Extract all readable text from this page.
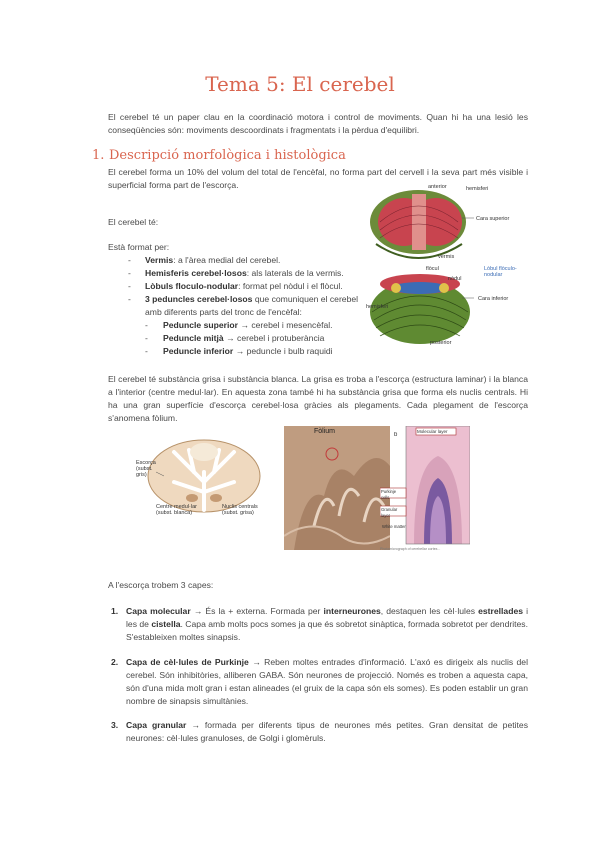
Tema 5: El cerebel

El cerebel té un paper clau en la coordinació motora i control de moviments. Quan hi ha una lesió les conseqüències són: moviments descoordinats i fragmentats i la pèrdua d'equilibri.

1. Descripció morfològica i histològica

El cerebel forma un 10% del volum del total de l'encèfal, no forma part del cervell i la seva part més visible i superficial forma part de l'escorça.

El cerebel té:

Està format per:

- Vermis: a l'àrea medial del cerebel.
- Hemisferis cerebel·losos: als laterals de la vermis.
- Lòbuls floculo-nodular: format pel nòdul i el flòcul.
- 3 peduncles cerebel·losos que comuniquen el cerebel amb diferents parts del tronc de l'encèfal:
- Peduncle superior → cerebel i mesencèfal.
- Peduncle mitjà → cerebel i protuberància
- Peduncle inferior → peduncle i bulb raquidi
anterior	hemisferi
vermis
Cara superior
flòcul	Lòbul flòculo-nodular
nòdul
Cara inferior
hemisferi
posterior

El cerebel té substància grisa i substància blanca. La grisa es troba a l'escorça (estructura laminar) i la blanca a l'interior (centre medul·lar). En aquesta zona també hi ha substància grisa que forma els nuclis centrals. Hi ha una gran superfície d'escorça cerebel·losa gràcies als plegaments. Cada plegament de l'escorça s'anomena fòlium.

Escorça (subst. gris)
Centre medul·lar (subst. blanca)
Nuclis centrals (subst. grisa)
Fòlium	b
Molecular layer
Purkinje cells
Granular layer
White matter
Photomicrograph of cerebellar cortex...

A l'escorça trobem 3 capes:

1. Capa molecular → És la + externa. Formada per interneurones, destaquen les cèl·lules estrellades i les de cistella. Capa amb molts pocs somes ja que és sobretot sinàptica, formada sobretot per dendrites. S'estableixen moltes sinapsis.
2. Capa de cèl·lules de Purkinje → Reben moltes entrades d'informació. L'axó es dirigeix als nuclis del cerebel. Són inhibitòries, alliberen GABA. Són neurones de projecció. Només es troben a aquesta capa, són d'una mida molt gran i estan alineades (el gruix de la capa són els somes). Es poden establir un gran nombre de sinapsis simultànies.
3. Capa granular → formada per diferents tipus de neurones més petites. Gran densitat de petites neurones: cèl·lules granuloses, de Golgi i glomèruls.
